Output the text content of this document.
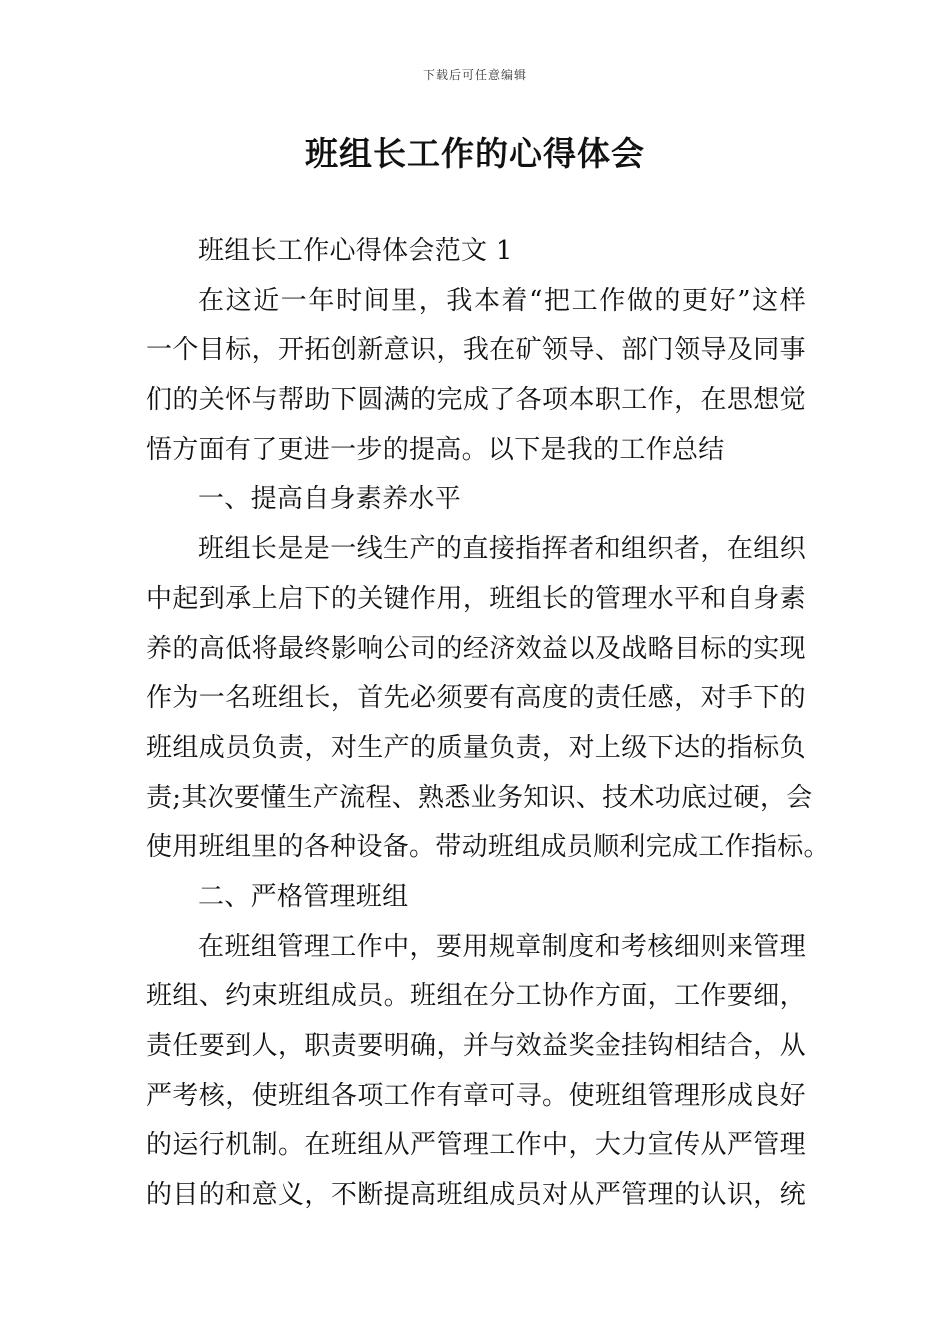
下载后可任意编辑
班组长工作的心得体会
班组长工作心得体会范文 1
在这近一年时间里，我本着“把工作做的更好”这样
一个目标，开拓创新意识，我在矿领导、部门领导及同事
们的关怀与帮助下圆满的完成了各项本职工作，在思想觉
悟方面有了更进一步的提高。以下是我的工作总结
一、提高自身素养水平
班组长是是一线生产的直接指挥者和组织者，在组织
中起到承上启下的关键作用，班组长的管理水平和自身素
养的高低将最终影响公司的经济效益以及战略目标的实现
作为一名班组长，首先必须要有高度的责任感，对手下的
班组成员负责，对生产的质量负责，对上级下达的指标负
责;其次要懂生产流程、熟悉业务知识、技术功底过硬，会
使用班组里的各种设备。带动班组成员顺利完成工作指标。
二、严格管理班组
在班组管理工作中，要用规章制度和考核细则来管理
班组、约束班组成员。班组在分工协作方面，工作要细，
责任要到人，职责要明确，并与效益奖金挂钩相结合，从
严考核，使班组各项工作有章可寻。使班组管理形成良好
的运行机制。在班组从严管理工作中，大力宣传从严管理
的目的和意义，不断提高班组成员对从严管理的认识，统
